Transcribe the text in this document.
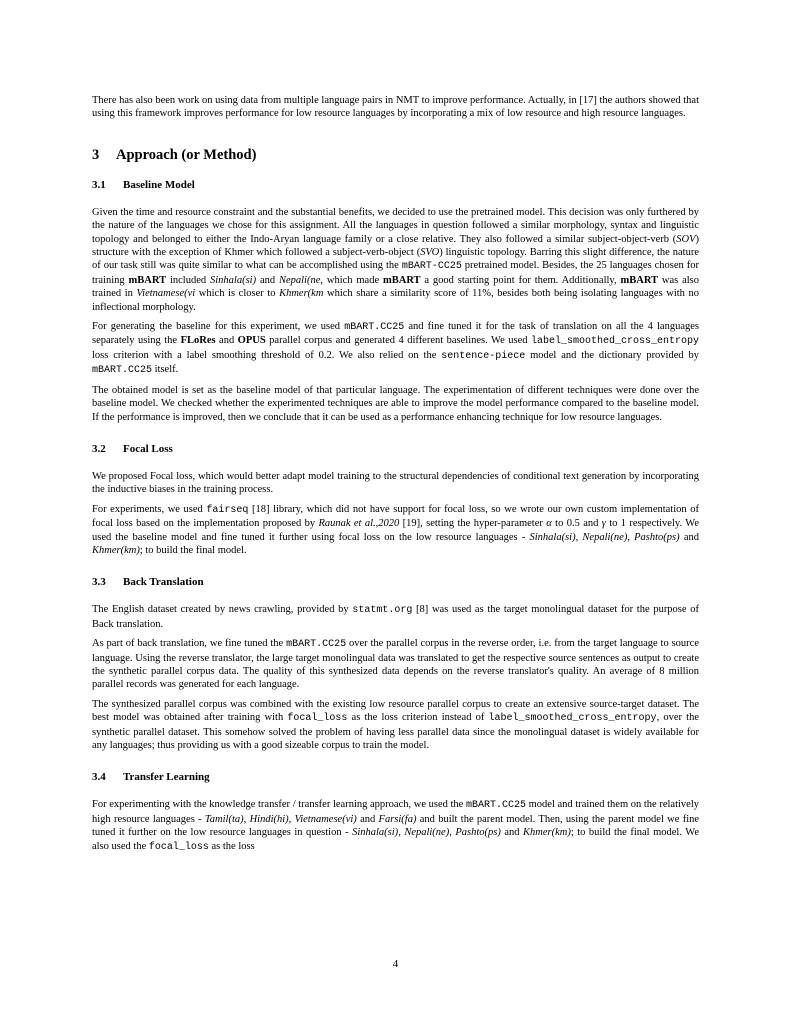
There has also been work on using data from multiple language pairs in NMT to improve performance. Actually, in [17] the authors showed that using this framework improves performance for low resource languages by incorporating a mix of low resource and high resource languages.

3 Approach (or Method)
3.1 Baseline Model

Given the time and resource constraint and the substantial benefits, we decided to use the pretrained model. This decision was only furthered by the nature of the languages we chose for this assignment. All the languages in question followed a similar morphology, syntax and linguistic topology and belonged to either the Indo-Aryan language family or a close relative. They also followed a similar subject-object-verb (SOV) structure with the exception of Khmer which followed a subject-verb-object (SVO) linguistic topology. Barring this slight difference, the nature of our task still was quite similar to what can be accomplished using the mBART-CC25 pretrained model. Besides, the 25 languages chosen for training mBART included Sinhala(si) and Nepali(ne, which made mBART a good starting point for them. Additionally, mBART was also trained in Vietnamese(vi which is closer to Khmer(km which share a similarity score of 11%, besides both being isolating languages with no inflectional morphology.

For generating the baseline for this experiment, we used mBART.CC25 and fine tuned it for the task of translation on all the 4 languages separately using the FLoRes and OPUS parallel corpus and generated 4 different baselines. We used label_smoothed_cross_entropy loss criterion with a label smoothing threshold of 0.2. We also relied on the sentence-piece model and the dictionary provided by mBART.CC25 itself.

The obtained model is set as the baseline model of that particular language. The experimentation of different techniques were done over the baseline model. We checked whether the experimented techniques are able to improve the model performance compared to the baseline model. If the performance is improved, then we conclude that it can be used as a performance enhancing technique for low resource languages.

3.2 Focal Loss

We proposed Focal loss, which would better adapt model training to the structural dependencies of conditional text generation by incorporating the inductive biases in the training process.

For experiments, we used fairseq [18] library, which did not have support for focal loss, so we wrote our own custom implementation of focal loss based on the implementation proposed by Raunak et al.,2020 [19], setting the hyper-parameter α to 0.5 and γ to 1 respectively. We used the baseline model and fine tuned it further using focal loss on the low resource languages - Sinhala(si), Nepali(ne), Pashto(ps) and Khmer(km); to build the final model.

3.3 Back Translation

The English dataset created by news crawling, provided by statmt.org [8] was used as the target monolingual dataset for the purpose of Back translation.

As part of back translation, we fine tuned the mBART.CC25 over the parallel corpus in the reverse order, i.e. from the target language to source language. Using the reverse translator, the large target monolingual data was translated to get the respective source sentences as output to create the synthetic parallel corpus data. The quality of this synthesized data depends on the reverse translator's quality. An average of 8 million parallel records was generated for each language.

The synthesized parallel corpus was combined with the existing low resource parallel corpus to create an extensive source-target dataset. The best model was obtained after training with focal_loss as the loss criterion instead of label_smoothed_cross_entropy, over the synthetic parallel dataset. This somehow solved the problem of having less parallel data since the monolingual dataset is widely available for any languages; thus providing us with a good sizeable corpus to train the model.

3.4 Transfer Learning

For experimenting with the knowledge transfer / transfer learning approach, we used the mBART.CC25 model and trained them on the relatively high resource languages - Tamil(ta), Hindi(hi), Vietnamese(vi) and Farsi(fa) and built the parent model. Then, using the parent model we fine tuned it further on the low resource languages in question - Sinhala(si), Nepali(ne), Pashto(ps) and Khmer(km); to build the final model. We also used the focal_loss as the loss

4
